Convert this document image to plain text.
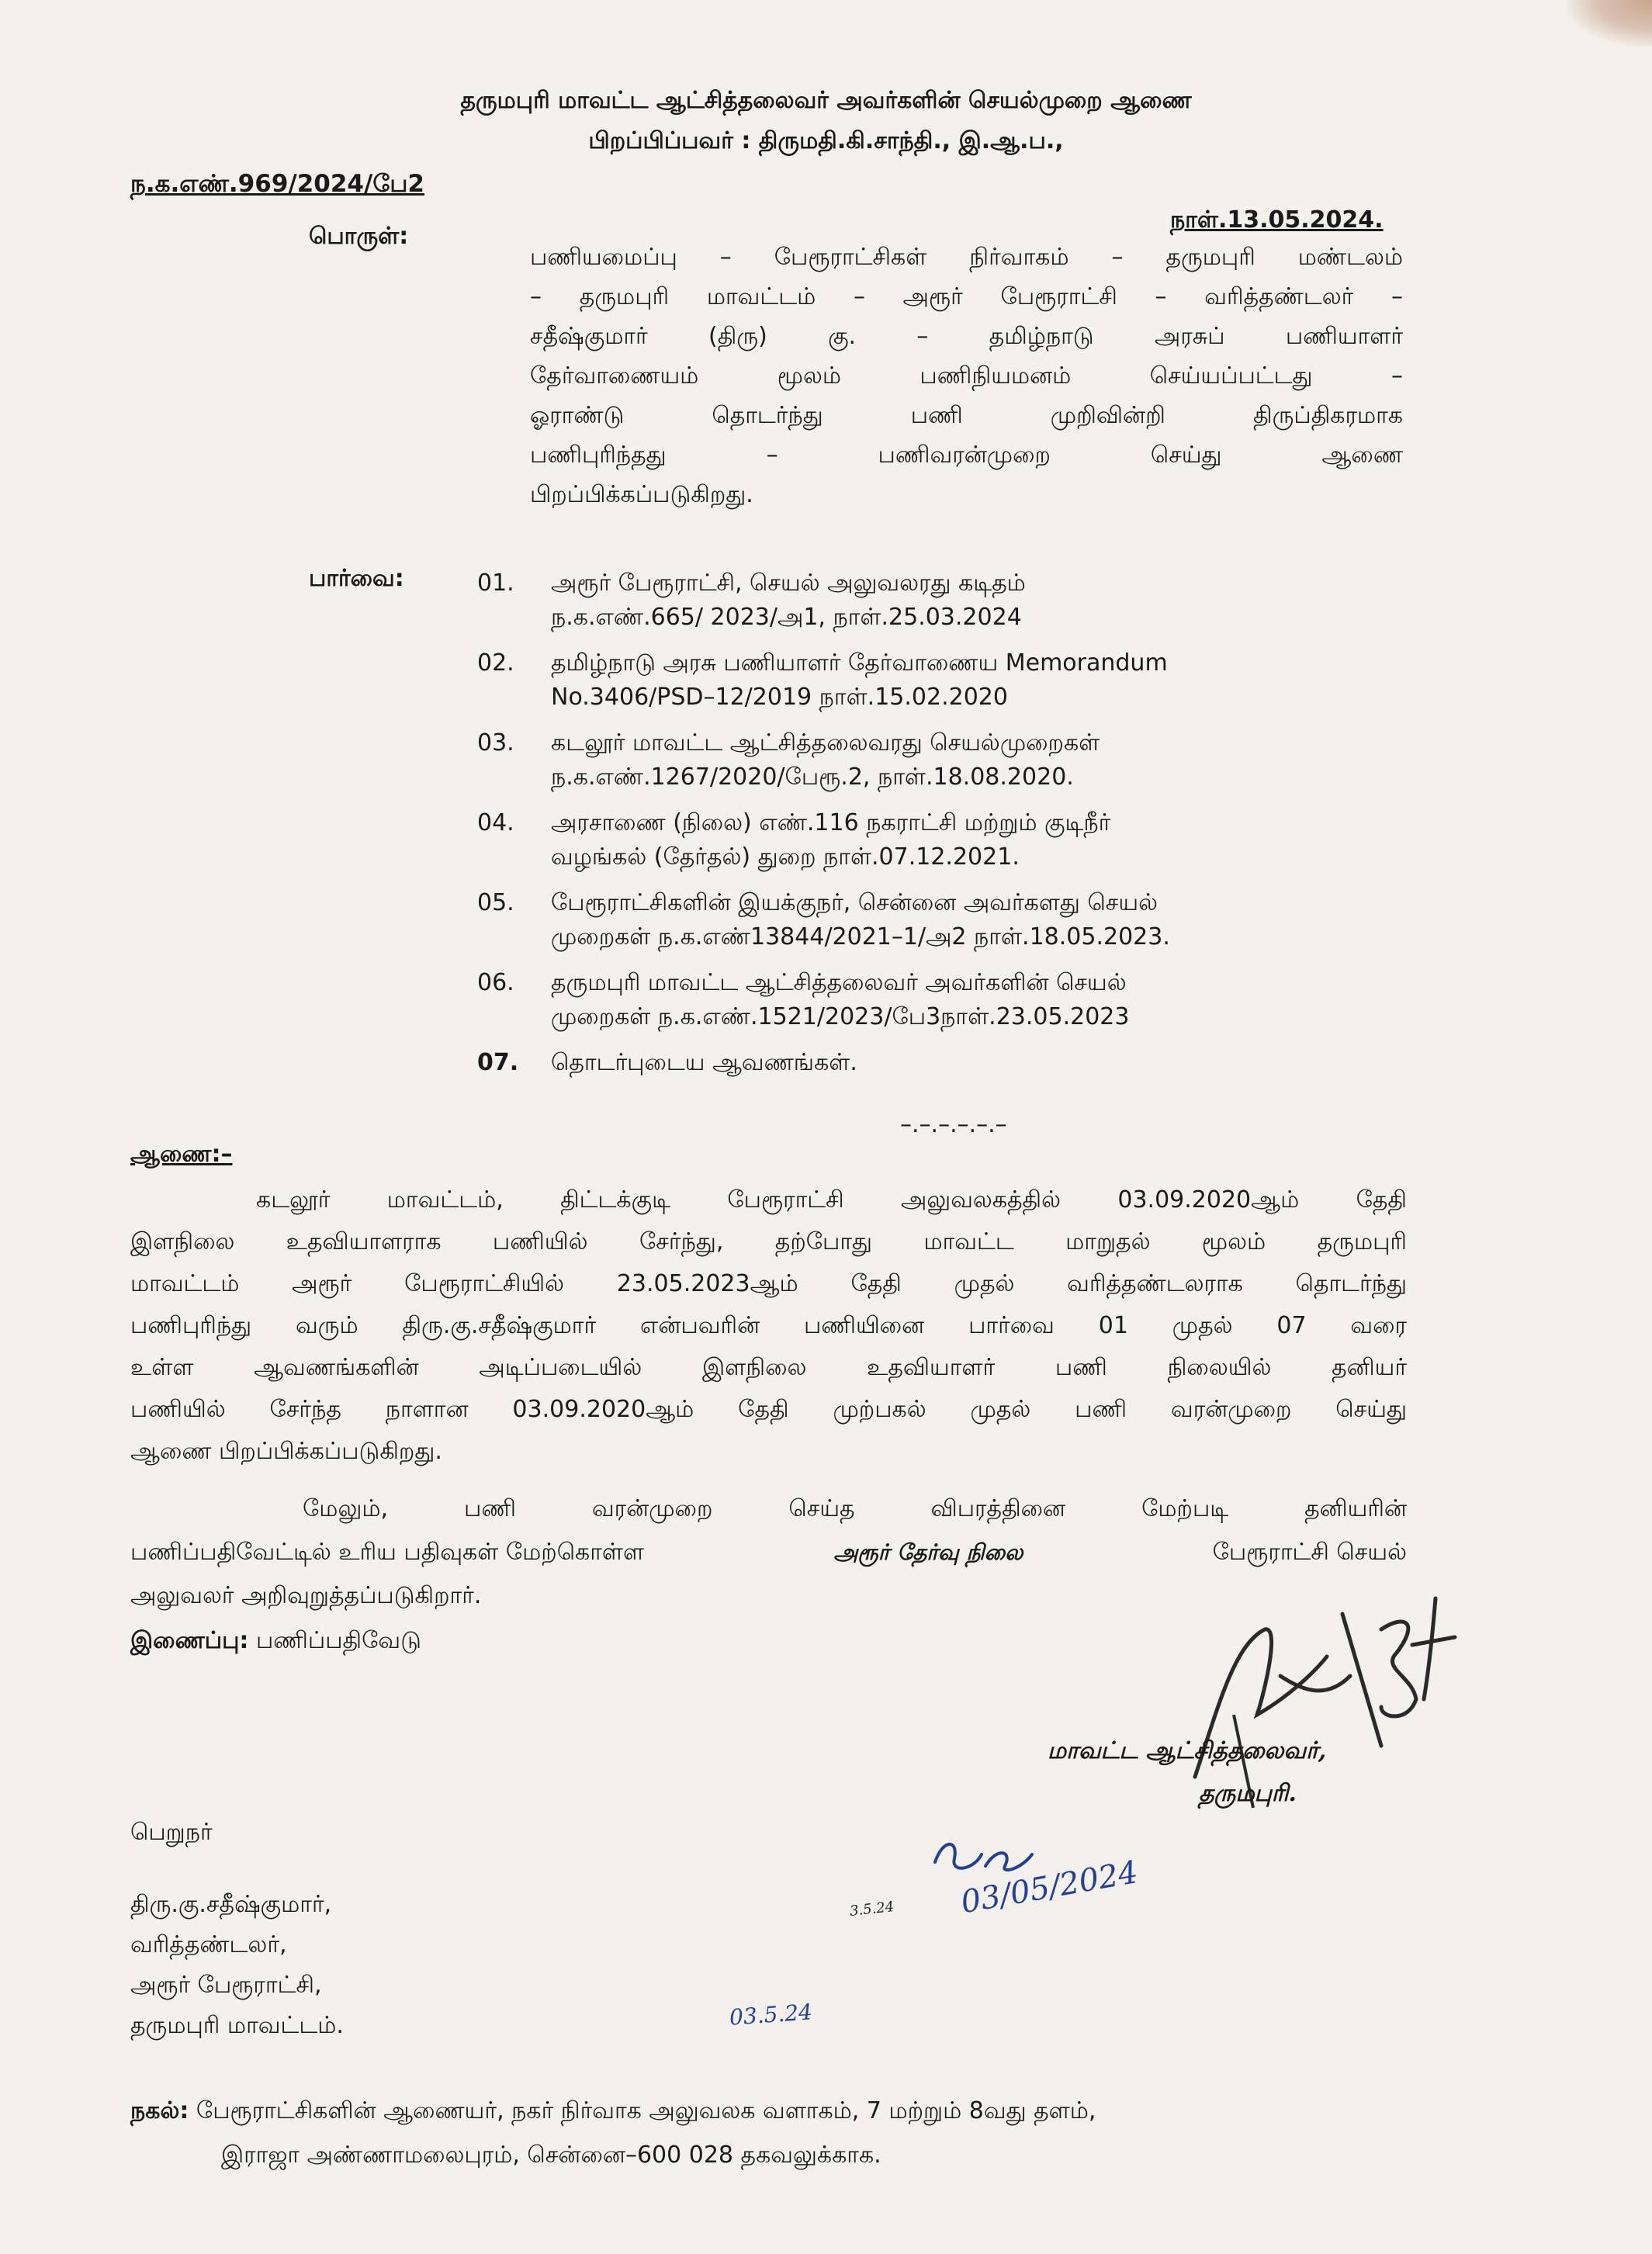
தருமபுரி மாவட்ட ஆட்சித்தலைவர் அவர்களின் செயல்முறை ஆணை
பிறப்பிப்பவர் : திருமதி.கி.சாந்தி., இ.ஆ.ப.,
ந.க.எண்.969/2024/பே2
நாள்.13.05.2024.
பொருள்:
பணியமைப்பு – பேரூராட்சிகள் நிர்வாகம் – தருமபுரி மண்டலம்
– தருமபுரி மாவட்டம் – அரூர் பேரூராட்சி – வரித்தண்டலர் –
சதீஷ்குமார் (திரு) கு. – தமிழ்நாடு அரசுப் பணியாளர்
தேர்வாணையம் மூலம் பணிநியமனம் செய்யப்பட்டது –
ஓராண்டு தொடர்ந்து பணி முறிவின்றி திருப்திகரமாக
பணிபுரிந்தது – பணிவரன்முறை செய்து ஆணை
பிறப்பிக்கப்படுகிறது.
பார்வை:	01.	அரூர் பேரூராட்சி, செயல் அலுவலரது கடிதம்
ந.க.எண்.665/ 2023/அ1, நாள்.25.03.2024
02.	தமிழ்நாடு அரசு பணியாளர் தேர்வாணைய Memorandum
No.3406/PSD–12/2019 நாள்.15.02.2020
03.	கடலூர் மாவட்ட ஆட்சித்தலைவரது செயல்முறைகள்
ந.க.எண்.1267/2020/பேரூ.2, நாள்.18.08.2020.
04.	அரசாணை (நிலை) எண்.116 நகராட்சி மற்றும் குடிநீர்
வழங்கல் (தேர்தல்) துறை நாள்.07.12.2021.
05.	பேரூராட்சிகளின் இயக்குநர், சென்னை அவர்களது செயல்
முறைகள் ந.க.எண்13844/2021–1/அ2 நாள்.18.05.2023.
06.	தருமபுரி மாவட்ட ஆட்சித்தலைவர் அவர்களின் செயல்
முறைகள் ந.க.எண்.1521/2023/பே3நாள்.23.05.2023
07.	தொடர்புடைய ஆவணங்கள்.
–.–.–.–.–.–
ஆணை:–
கடலூர் மாவட்டம், திட்டக்குடி பேரூராட்சி அலுவலகத்தில் 03.09.2020ஆம் தேதி
இளநிலை உதவியாளராக பணியில் சேர்ந்து, தற்போது மாவட்ட மாறுதல் மூலம் தருமபுரி
மாவட்டம் அரூர் பேரூராட்சியில் 23.05.2023ஆம் தேதி முதல் வரித்தண்டலராக தொடர்ந்து
பணிபுரிந்து வரும் திரு.கு.சதீஷ்குமார் என்பவரின் பணியினை பார்வை 01 முதல் 07 வரை
உள்ள ஆவணங்களின் அடிப்படையில் இளநிலை உதவியாளர் பணி நிலையில் தனியர்
பணியில் சேர்ந்த நாளான 03.09.2020ஆம் தேதி முற்பகல் முதல் பணி வரன்முறை செய்து
ஆணை பிறப்பிக்கப்படுகிறது.
மேலும், பணி வரன்முறை செய்த விபரத்தினை மேற்படி தனியரின்
பணிப்பதிவேட்டில் உரிய பதிவுகள் மேற்கொள்ள	அரூர் தேர்வு நிலை	பேரூராட்சி செயல்
அலுவலர் அறிவுறுத்தப்படுகிறார்.
இணைப்பு: பணிப்பதிவேடு
மாவட்ட ஆட்சித்தலைவர்,
தருமபுரி.
பெறுநர்
திரு.கு.சதீஷ்குமார்,
வரித்தண்டலர்,
அரூர் பேரூராட்சி,
தருமபுரி மாவட்டம்.
03/05/2024
3.5.24
03.5.24
நகல்: பேரூராட்சிகளின் ஆணையர், நகர் நிர்வாக அலுவலக வளாகம், 7 மற்றும் 8வது தளம்,
இராஜா அண்ணாமலைபுரம், சென்னை–600 028 தகவலுக்காக.
